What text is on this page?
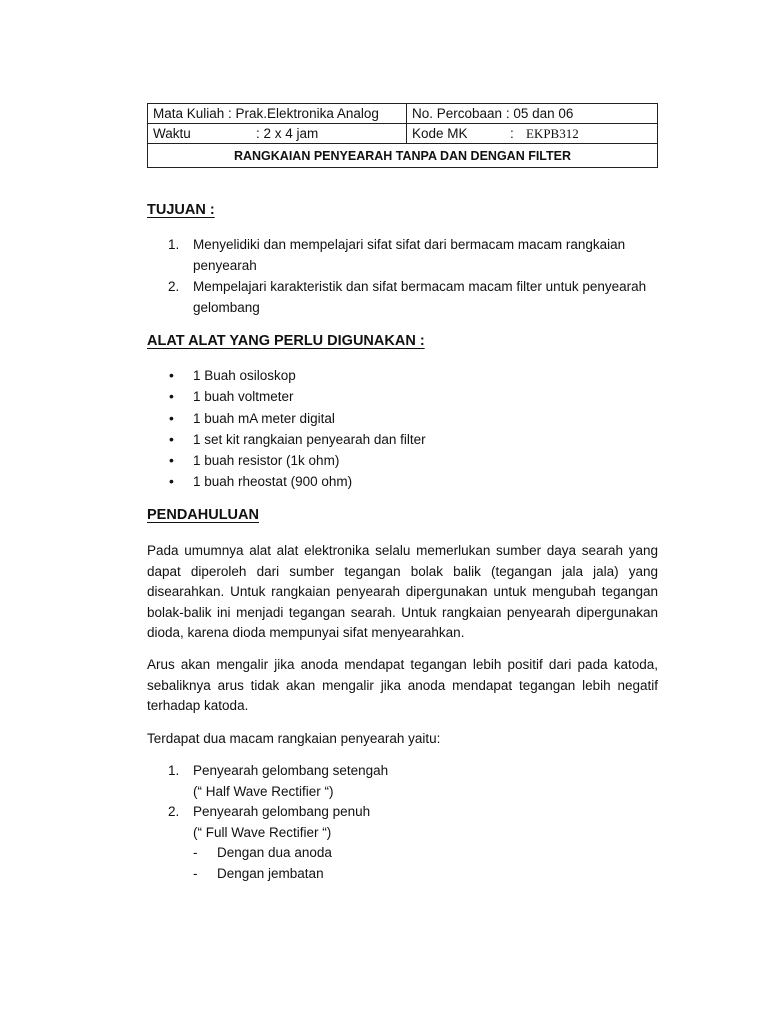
Mata Kuliah : Prak.Elektronika Analog	No. Percobaan : 05 dan 06
Waktu	: 2 x 4 jam	Kode MK	: EKPB312
RANGKAIAN PENYEARAH TANPA DAN DENGAN FILTER
TUJUAN :
1. Menyelidiki dan mempelajari sifat sifat dari bermacam macam rangkaian penyearah
2. Mempelajari karakteristik dan sifat bermacam macam filter untuk penyearah gelombang
ALAT ALAT YANG PERLU DIGUNAKAN :
• 1 Buah osiloskop
• 1 buah voltmeter
• 1 buah mA meter digital
• 1 set kit rangkaian penyearah dan filter
• 1 buah resistor (1k ohm)
• 1 buah rheostat (900 ohm)
PENDAHULUAN

Pada umumnya alat alat elektronika selalu memerlukan sumber daya searah yang dapat diperoleh dari sumber tegangan bolak balik (tegangan jala jala) yang disearahkan. Untuk rangkaian penyearah dipergunakan untuk mengubah tegangan bolak-balik ini menjadi tegangan searah. Untuk rangkaian penyearah dipergunakan dioda, karena dioda mempunyai sifat menyearahkan.

Arus akan mengalir jika anoda mendapat tegangan lebih positif dari pada katoda, sebaliknya arus tidak akan mengalir jika anoda mendapat tegangan lebih negatif terhadap katoda.

Terdapat dua macam rangkaian penyearah yaitu:

1. Penyearah gelombang setengah
(“ Half Wave Rectifier “)
2. Penyearah gelombang penuh
(“ Full Wave Rectifier “)
- Dengan dua anoda
- Dengan jembatan
